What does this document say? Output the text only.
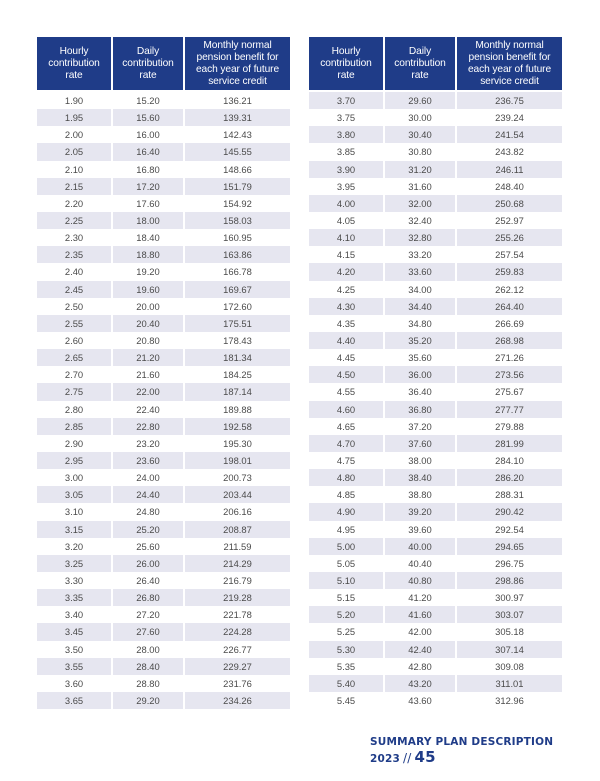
Hourly contribution rate	Daily contribution rate	Monthly normal pension benefit for each year of future service credit
1.90	15.20	136.21
1.95	15.60	139.31
2.00	16.00	142.43
2.05	16.40	145.55
2.10	16.80	148.66
2.15	17.20	151.79
2.20	17.60	154.92
2.25	18.00	158.03
2.30	18.40	160.95
2.35	18.80	163.86
2.40	19.20	166.78
2.45	19.60	169.67
2.50	20.00	172.60
2.55	20.40	175.51
2.60	20.80	178.43
2.65	21.20	181.34
2.70	21.60	184.25
2.75	22.00	187.14
2.80	22.40	189.88
2.85	22.80	192.58
2.90	23.20	195.30
2.95	23.60	198.01
3.00	24.00	200.73
3.05	24.40	203.44
3.10	24.80	206.16
3.15	25.20	208.87
3.20	25.60	211.59
3.25	26.00	214.29
3.30	26.40	216.79
3.35	26.80	219.28
3.40	27.20	221.78
3.45	27.60	224.28
3.50	28.00	226.77
3.55	28.40	229.27
3.60	28.80	231.76
3.65	29.20	234.26
Hourly contribution rate	Daily contribution rate	Monthly normal pension benefit for each year of future service credit
3.70	29.60	236.75
3.75	30.00	239.24
3.80	30.40	241.54
3.85	30.80	243.82
3.90	31.20	246.11
3.95	31.60	248.40
4.00	32.00	250.68
4.05	32.40	252.97
4.10	32.80	255.26
4.15	33.20	257.54
4.20	33.60	259.83
4.25	34.00	262.12
4.30	34.40	264.40
4.35	34.80	266.69
4.40	35.20	268.98
4.45	35.60	271.26
4.50	36.00	273.56
4.55	36.40	275.67
4.60	36.80	277.77
4.65	37.20	279.88
4.70	37.60	281.99
4.75	38.00	284.10
4.80	38.40	286.20
4.85	38.80	288.31
4.90	39.20	290.42
4.95	39.60	292.54
5.00	40.00	294.65
5.05	40.40	296.75
5.10	40.80	298.86
5.15	41.20	300.97
5.20	41.60	303.07
5.25	42.00	305.18
5.30	42.40	307.14
5.35	42.80	309.08
5.40	43.20	311.01
5.45	43.60	312.96
SUMMARY PLAN DESCRIPTION 2023 // 45
